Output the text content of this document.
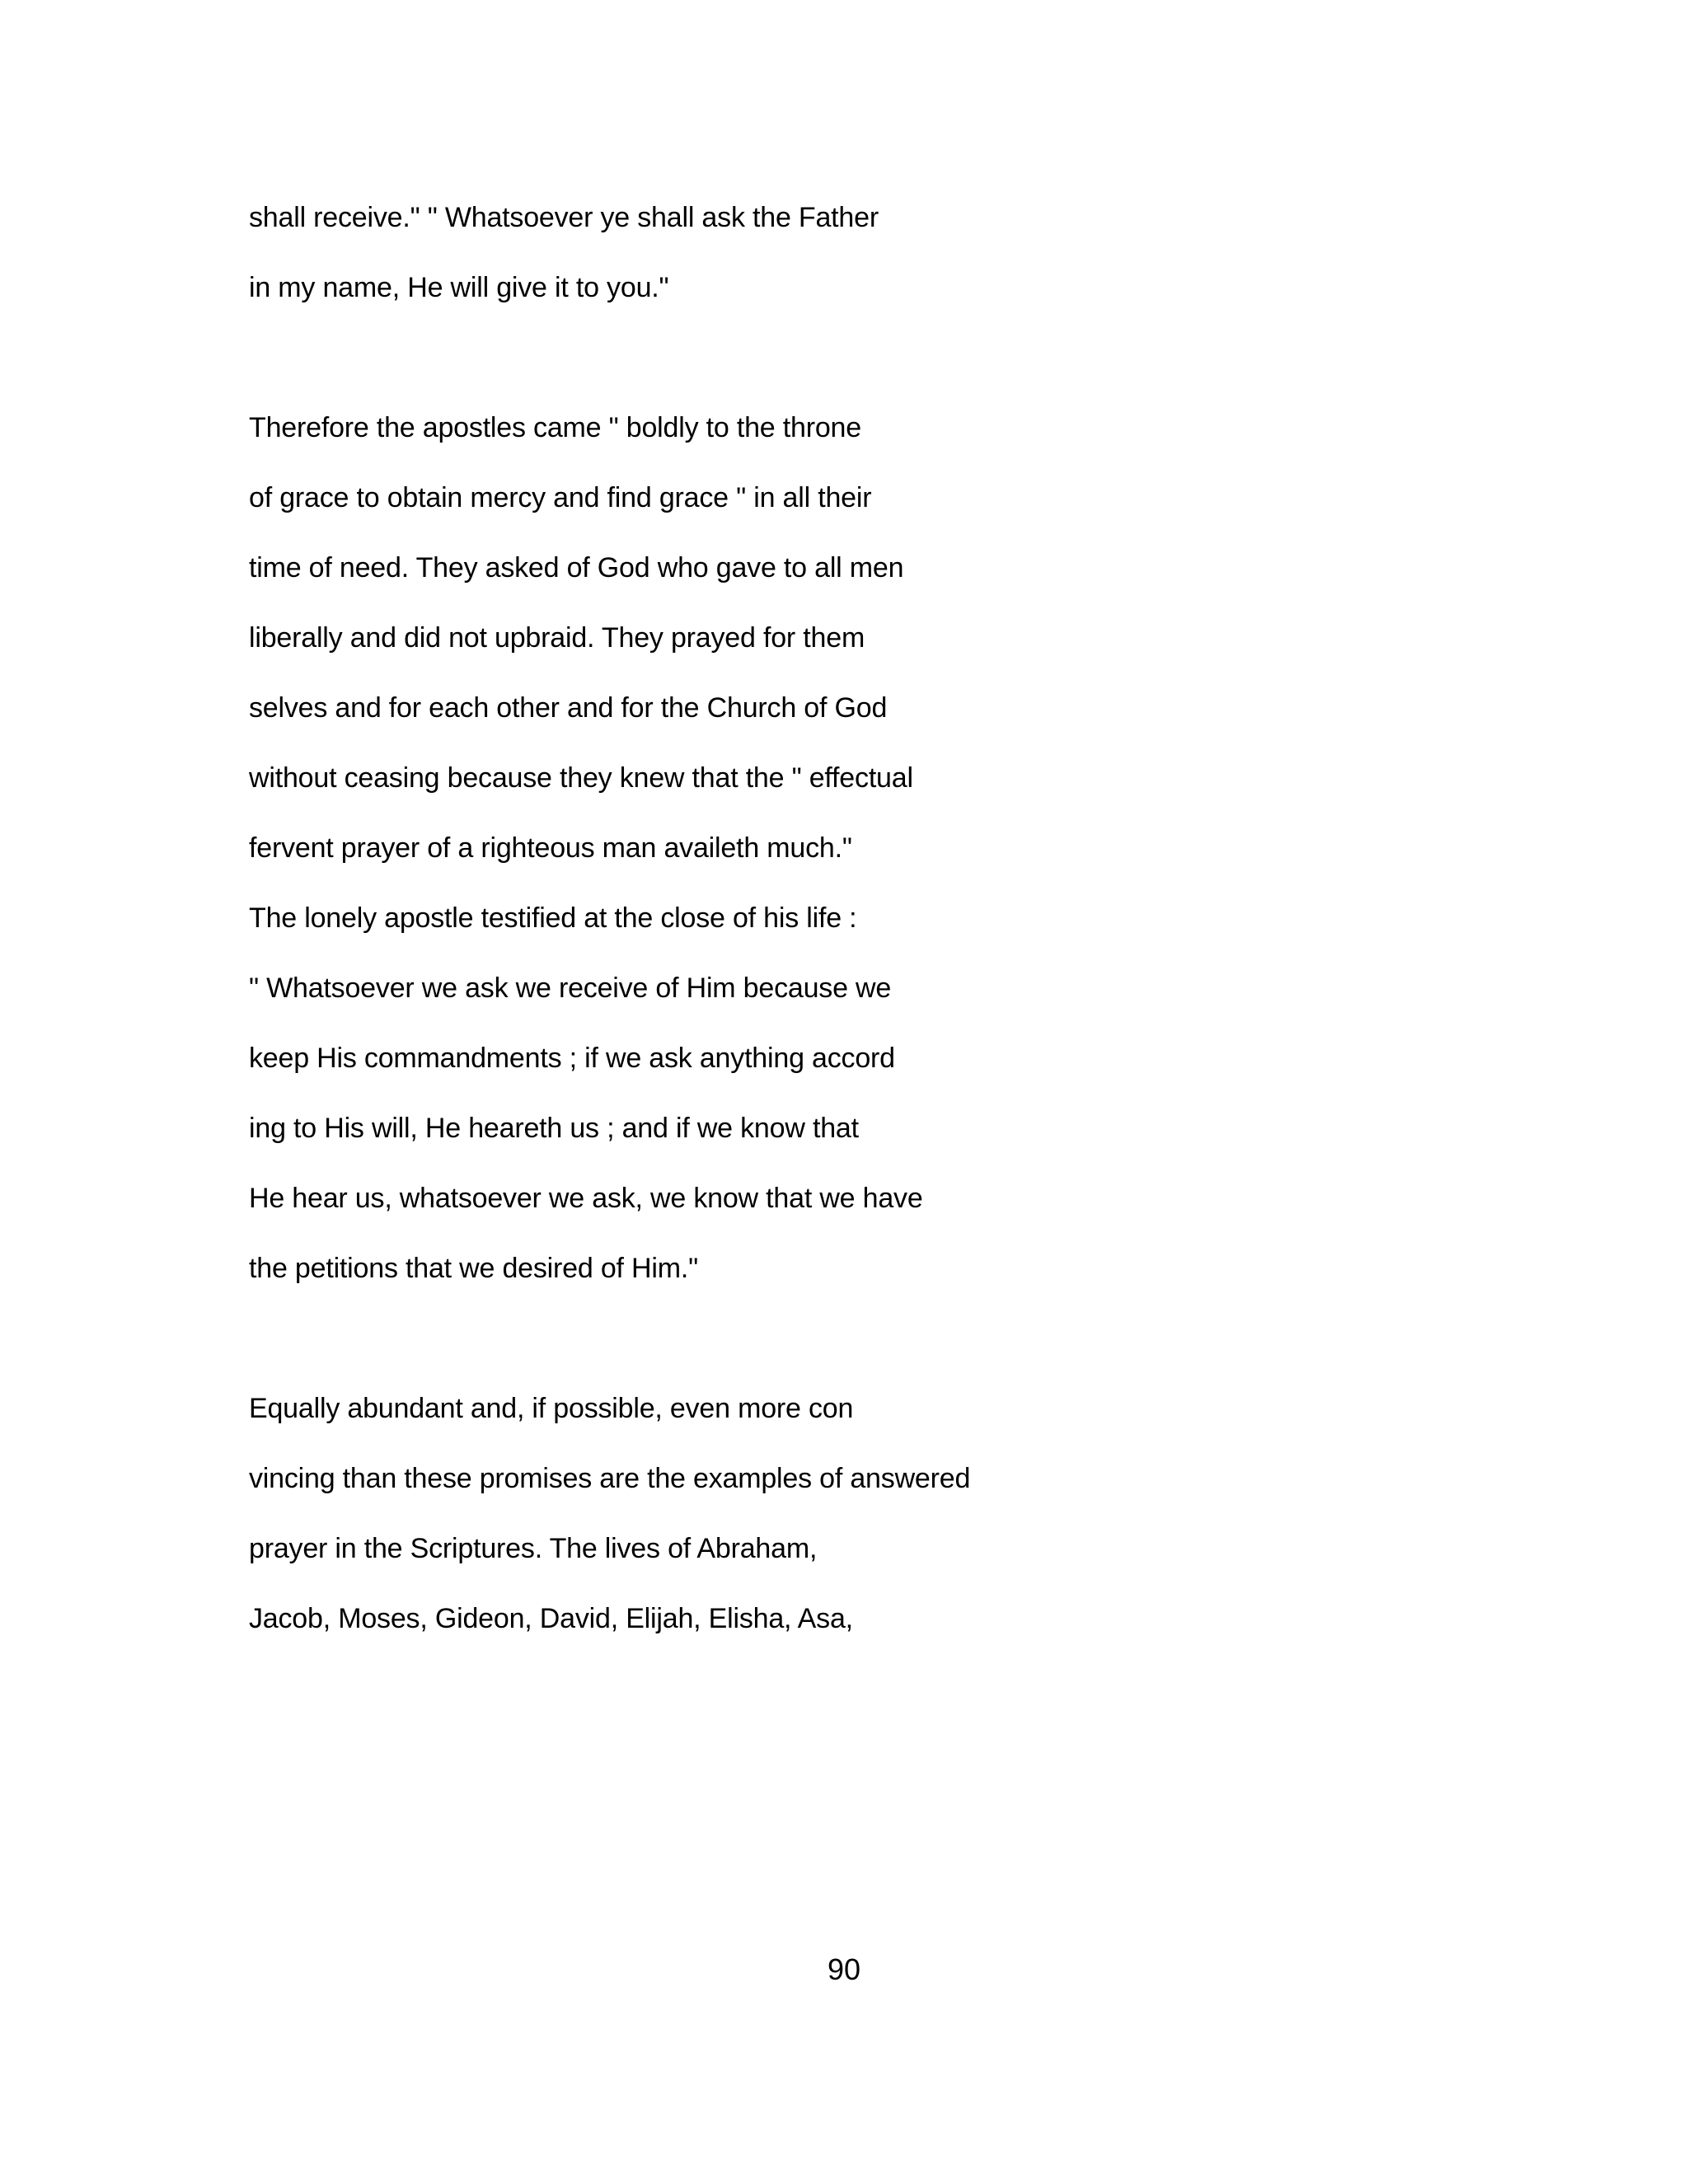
shall receive." " Whatsoever ye shall ask the Father
in my name, He will give it to you."
Therefore the apostles came " boldly to the throne
of grace to obtain mercy and find grace " in all their
time of need. They asked of God who gave to all men
liberally and did not upbraid. They prayed for them
selves and for each other and for the Church of God
without ceasing because they knew that the " effectual
fervent prayer of a righteous man availeth much."
The lonely apostle testified at the close of his life :
" Whatsoever we ask we receive of Him because we
keep His commandments ; if we ask anything accord
ing to His will, He heareth us ; and if we know that
He hear us, whatsoever we ask, we know that we have
the petitions that we desired of Him."
Equally abundant and, if possible, even more con
vincing than these promises are the examples of answered
prayer in the Scriptures. The lives of Abraham,
Jacob, Moses, Gideon, David, Elijah, Elisha, Asa,
90
